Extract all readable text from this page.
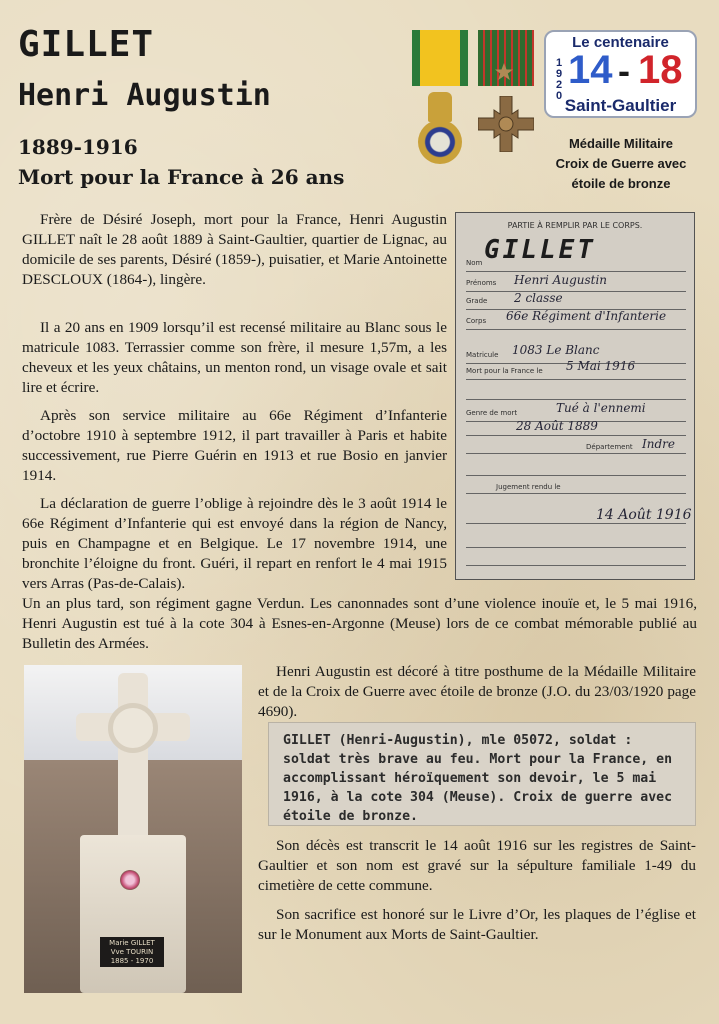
GILLET
Henri Augustin
1889-1916
Mort pour la France à 26 ans
Le centenaire
1920
14 - 18
Saint-Gaultier
Médaille Militaire
Croix de Guerre avec
étoile de bronze
PARTIE À REMPLIR PAR LE CORPS.
GILLET
Nom
Prénoms Henri Augustin
Grade 2 classe
Corps 66e Régiment d'Infanterie
Matricule 1083 Le Blanc
Mort pour la France le 5 Mai 1916
Genre de mort	Tué à l'ennemi
28 Août 1889
Département Indre
Jugement rendu le
14 Août 1916

Frère de Désiré Joseph, mort pour la France, Henri Augustin GILLET naît le 28 août 1889 à Saint-Gaultier, quartier de Lignac, au domicile de ses parents, Désiré (1859-), puisatier, et Marie Antoinette DESCLOUX (1864-), lingère.

Il a 20 ans en 1909 lorsqu’il est recensé militaire au Blanc sous le matricule 1083. Terrassier comme son frère, il mesure 1,57m, a les cheveux et les yeux châtains, un menton rond, un visage ovale et sait lire et écrire.

Après son service militaire au 66e Régiment d’Infanterie d’octobre 1910 à septembre 1912, il part travailler à Paris et habite successivement, rue Pierre Guérin en 1913 et rue Bosio en janvier 1914.

La déclaration de guerre l’oblige à rejoindre dès le 3 août 1914 le 66e Régiment d’Infanterie qui est envoyé dans la région de Nancy, puis en Champagne et en Belgique. Le 17 novembre 1914, une bronchite l’éloigne du front. Guéri, il repart en renfort le 4 mai 1915 vers Arras (Pas-de-Calais).

Un an plus tard, son régiment gagne Verdun. Les canonnades sont d’une violence inouïe et, le 5 mai 1916, Henri Augustin est tué à la cote 304 à Esnes-en-Argonne (Meuse) lors de ce combat mémorable publié au Bulletin des Armées.

Marie GILLET
Vve TOURIN
1885 - 1970

Henri Augustin est décoré à titre posthume de la Médaille Militaire et de la Croix de Guerre avec étoile de bronze (J.O. du 23/03/1920 page 4690).

GILLET (Henri-Augustin), mle 05072, soldat : soldat très brave au feu. Mort pour la France, en accomplissant héroïquement son devoir, le 5 mai 1916, à la cote 304 (Meuse). Croix de guerre avec étoile de bronze.

Son décès est transcrit le 14 août 1916 sur les registres de Saint-Gaultier et son nom est gravé sur la sépulture familiale 1-49 du cimetière de cette commune.

Son sacrifice est honoré sur le Livre d’Or, les plaques de l’église et sur le Monument aux Morts de Saint-Gaultier.
